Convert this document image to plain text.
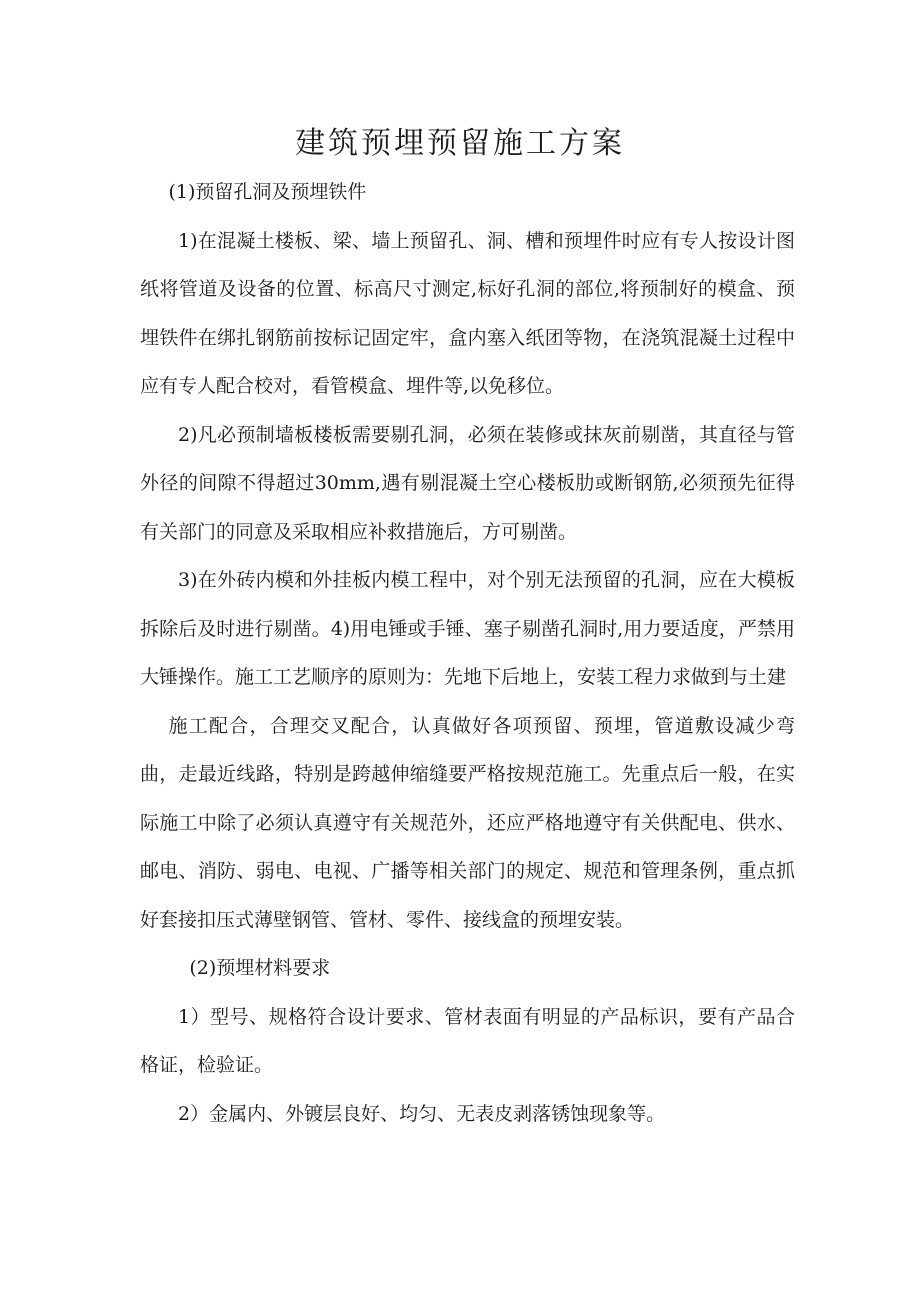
建筑预埋预留施工方案

(1)预留孔洞及预埋铁件

1)在混凝土楼板、梁、墙上预留孔、洞、槽和预埋件时应有专人按设计图纸将管道及设备的位置、标高尺寸测定,标好孔洞的部位,将预制好的模盒、预埋铁件在绑扎钢筋前按标记固定牢，盒内塞入纸团等物，在浇筑混凝土过程中应有专人配合校对，看管模盒、埋件等,以免移位。

2)凡必预制墙板楼板需要剔孔洞，必须在装修或抹灰前剔凿，其直径与管外径的间隙不得超过30mm,遇有剔混凝土空心楼板肋或断钢筋,必须预先征得有关部门的同意及采取相应补救措施后，方可剔凿。

3)在外砖内模和外挂板内模工程中，对个别无法预留的孔洞，应在大模板拆除后及时进行剔凿。4)用电锤或手锤、塞子剔凿孔洞时,用力要适度，严禁用大锤操作。施工工艺顺序的原则为：先地下后地上，安装工程力求做到与土建

施工配合，合理交叉配合，认真做好各项预留、预埋，管道敷设减少弯曲，走最近线路，特别是跨越伸缩缝要严格按规范施工。先重点后一般，在实际施工中除了必须认真遵守有关规范外，还应严格地遵守有关供配电、供水、邮电、消防、弱电、电视、广播等相关部门的规定、规范和管理条例，重点抓好套接扣压式薄壁钢管、管材、零件、接线盒的预埋安装。

(2)预埋材料要求

1）型号、规格符合设计要求、管材表面有明显的产品标识，要有产品合格证，检验证。

2）金属内、外镀层良好、均匀、无表皮剥落锈蚀现象等。
